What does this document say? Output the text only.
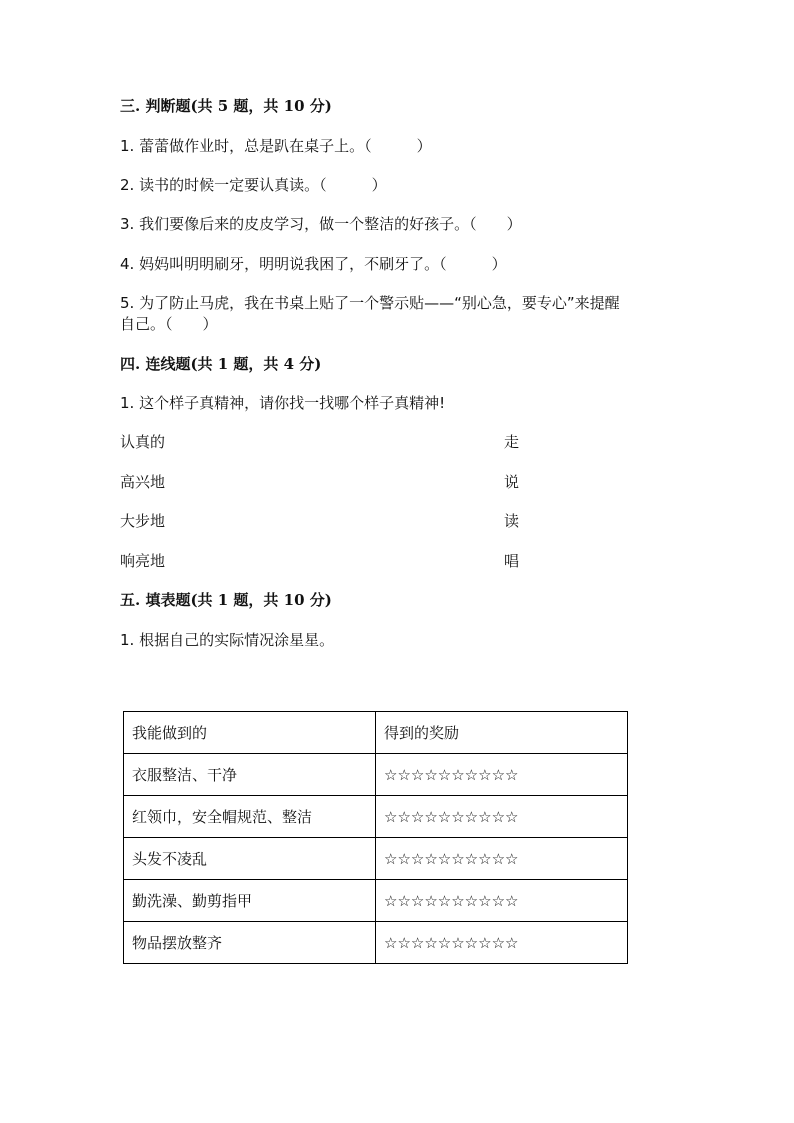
三. 判断题(共 5 题，共 10 分)
1. 蕾蕾做作业时，总是趴在桌子上。（　　　）
2. 读书的时候一定要认真读。（　　　）
3. 我们要像后来的皮皮学习，做一个整洁的好孩子。（　　）
4. 妈妈叫明明刷牙，明明说我困了，不刷牙了。（　　　）
5. 为了防止马虎，我在书桌上贴了一个警示贴——“别心急，要专心”来提醒
自己。（　　）
四. 连线题(共 1 题，共 4 分)
1. 这个样子真精神，请你找一找哪个样子真精神!
认真的	走
高兴地	说
大步地	读
响亮地	唱
五. 填表题(共 1 题，共 10 分)
1. 根据自己的实际情况涂星星。
我能做到的	得到的奖励
衣服整洁、干净	☆☆☆☆☆☆☆☆☆☆
红领巾，安全帽规范、整洁	☆☆☆☆☆☆☆☆☆☆
头发不凌乱	☆☆☆☆☆☆☆☆☆☆
勤洗澡、勤剪指甲	☆☆☆☆☆☆☆☆☆☆
物品摆放整齐	☆☆☆☆☆☆☆☆☆☆
